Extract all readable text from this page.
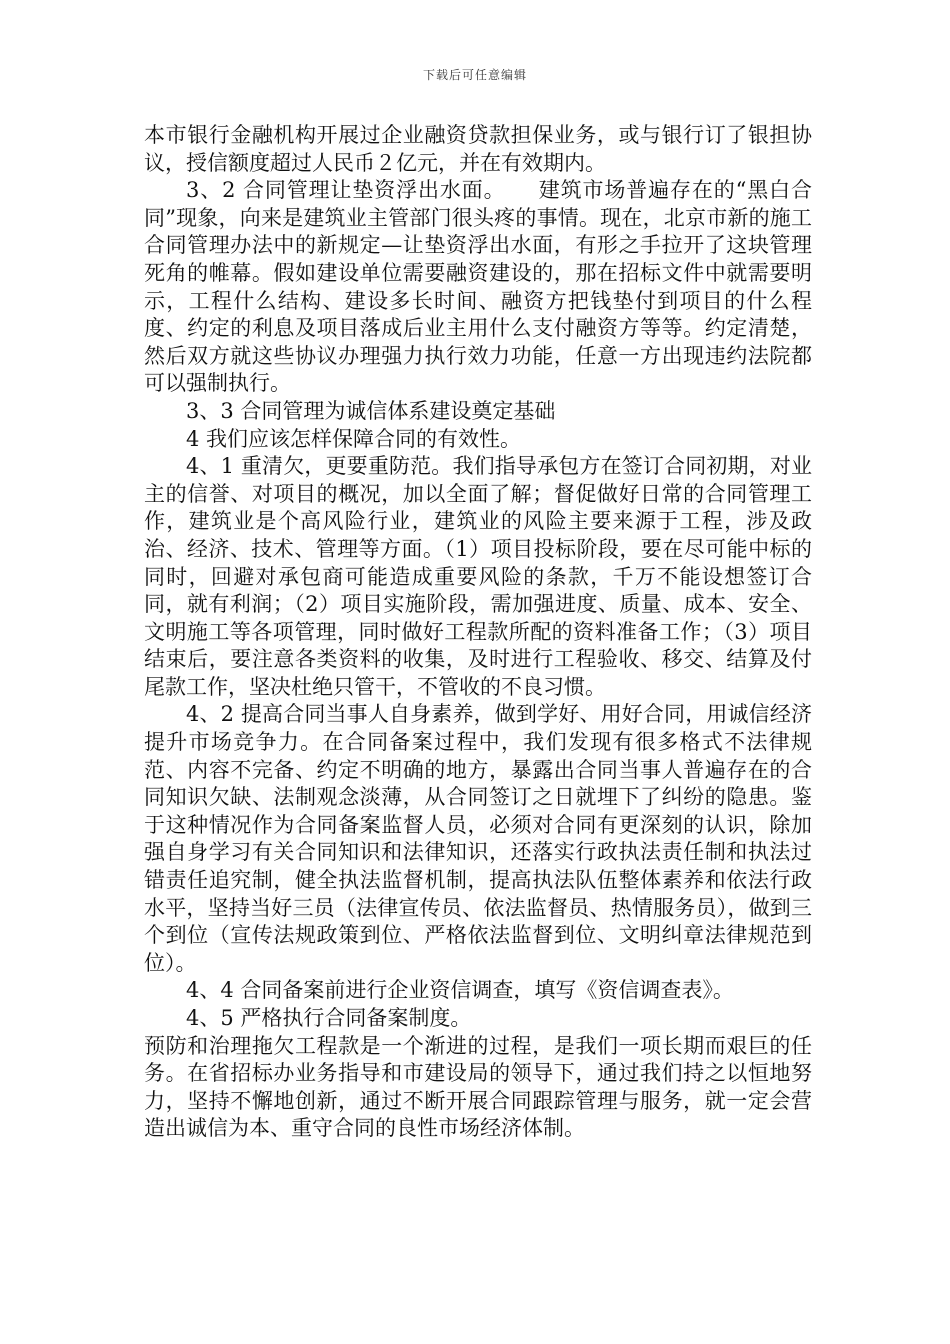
下载后可任意编辑

本市银行金融机构开展过企业融资贷款担保业务，或与银行订了银担协议，授信额度超过人民币２亿元，并在有效期内。

3、2 合同管理让垫资浮出水面。　　建筑市场普遍存在的“黑白合同”现象，向来是建筑业主管部门很头疼的事情。现在，北京市新的施工合同管理办法中的新规定—让垫资浮出水面，有形之手拉开了这块管理死角的帷幕。假如建设单位需要融资建设的，那在招标文件中就需要明示，工程什么结构、建设多长时间、融资方把钱垫付到项目的什么程度、约定的利息及项目落成后业主用什么支付融资方等等。约定清楚，然后双方就这些协议办理强力执行效力功能，任意一方出现违约法院都可以强制执行。

3、3 合同管理为诚信体系建设奠定基础

4 我们应该怎样保障合同的有效性。

4、1 重清欠，更要重防范。我们指导承包方在签订合同初期，对业主的信誉、对项目的概况，加以全面了解；督促做好日常的合同管理工作，建筑业是个高风险行业，建筑业的风险主要来源于工程，涉及政治、经济、技术、管理等方面。（1）项目投标阶段，要在尽可能中标的同时，回避对承包商可能造成重要风险的条款，千万不能设想签订合同，就有利润；（2）项目实施阶段，需加强进度、质量、成本、安全、文明施工等各项管理，同时做好工程款所配的资料准备工作；（3）项目结束后，要注意各类资料的收集，及时进行工程验收、移交、结算及付尾款工作，坚决杜绝只管干，不管收的不良习惯。

4、2 提高合同当事人自身素养，做到学好、用好合同，用诚信经济提升市场竞争力。在合同备案过程中，我们发现有很多格式不法律规范、内容不完备、约定不明确的地方，暴露出合同当事人普遍存在的合同知识欠缺、法制观念淡薄，从合同签订之日就埋下了纠纷的隐患。鉴于这种情况作为合同备案监督人员，必须对合同有更深刻的认识，除加强自身学习有关合同知识和法律知识，还落实行政执法责任制和执法过错责任追究制，健全执法监督机制，提高执法队伍整体素养和依法行政水平，坚持当好三员（法律宣传员、依法监督员、热情服务员），做到三个到位（宣传法规政策到位、严格依法监督到位、文明纠章法律规范到位）。

4、4 合同备案前进行企业资信调查，填写《资信调查表》。

4、5 严格执行合同备案制度。

预防和治理拖欠工程款是一个渐进的过程，是我们一项长期而艰巨的任务。在省招标办业务指导和市建设局的领导下，通过我们持之以恒地努力，坚持不懈地创新，通过不断开展合同跟踪管理与服务，就一定会营造出诚信为本、重守合同的良性市场经济体制。
